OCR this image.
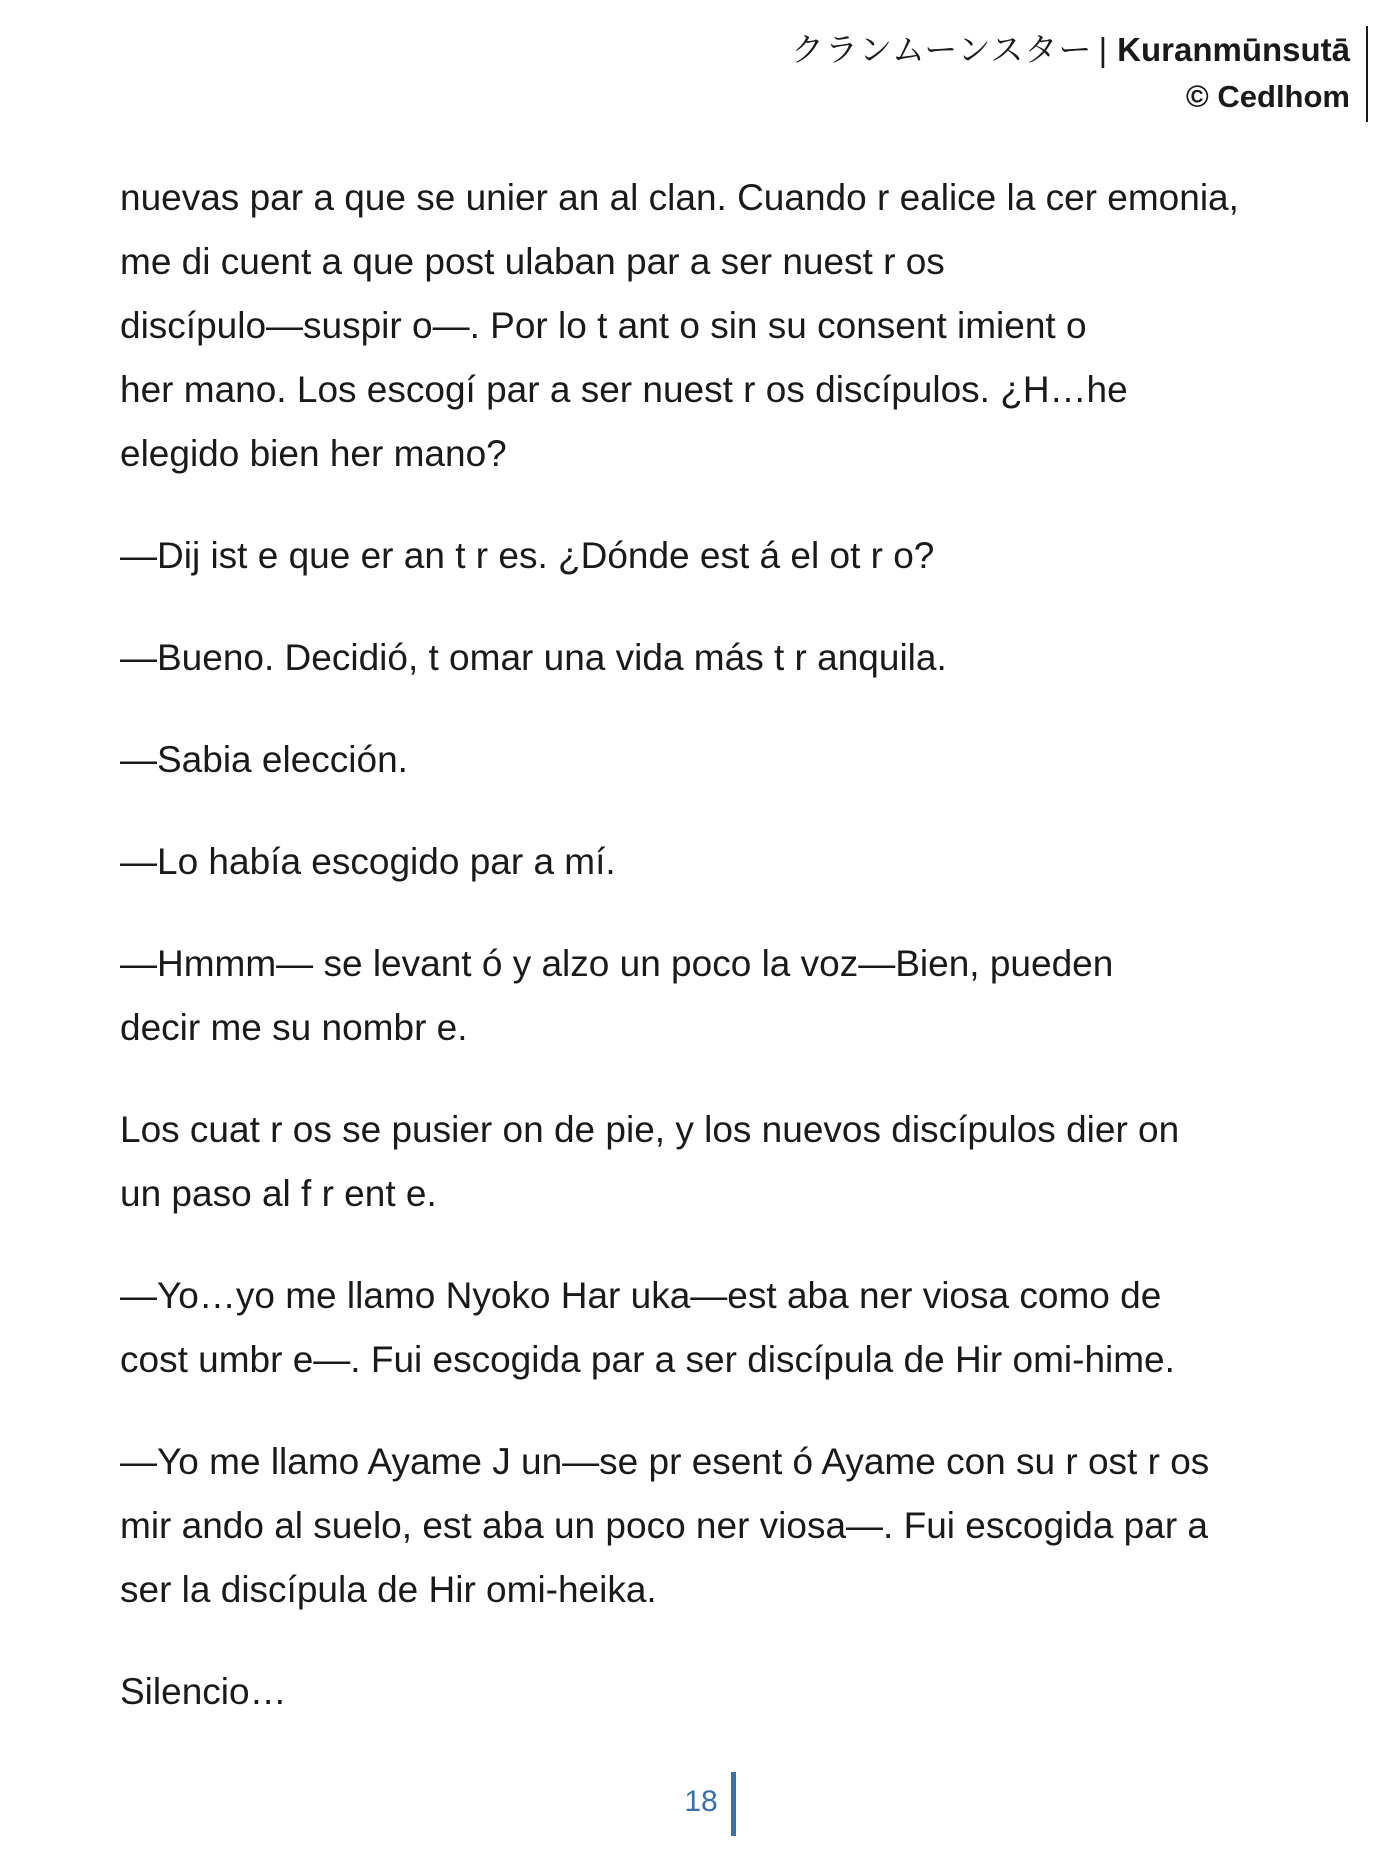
クランムーンスター | Kuranmūnsutā
© Cedlhom
nuevas par a que se unier an al clan. Cuando r ealice la cer emonia,
me di cuent a que post ulaban par a ser nuest r os
discípulo—suspir o—. Por lo t ant o sin su consent imient o
her mano. Los escogí par a ser nuest r os discípulos. ¿H…he
elegido bien her mano?
—Dij ist e que er an t r es. ¿Dónde est á el ot r o?
—Bueno. Decidió, t omar una vida más t r anquila.
—Sabia elección.
—Lo había escogido par a mí.
—Hmmm— se levant ó y alzo un poco la voz—Bien, pueden
decir me su nombr e.
Los cuat r os se pusier on de pie, y los nuevos discípulos dier on
un paso al f r ent e.
—Yo…yo me llamo Nyoko Har uka—est aba ner viosa como de
cost umbr e—. Fui escogida par a ser discípula de Hir omi-hime.
—Yo me llamo Ayame J un—se pr esent ó Ayame con su r ost r os
mir ando al suelo, est aba un poco ner viosa—. Fui escogida par a
ser la discípula de Hir omi-heika.
Silencio…
18
